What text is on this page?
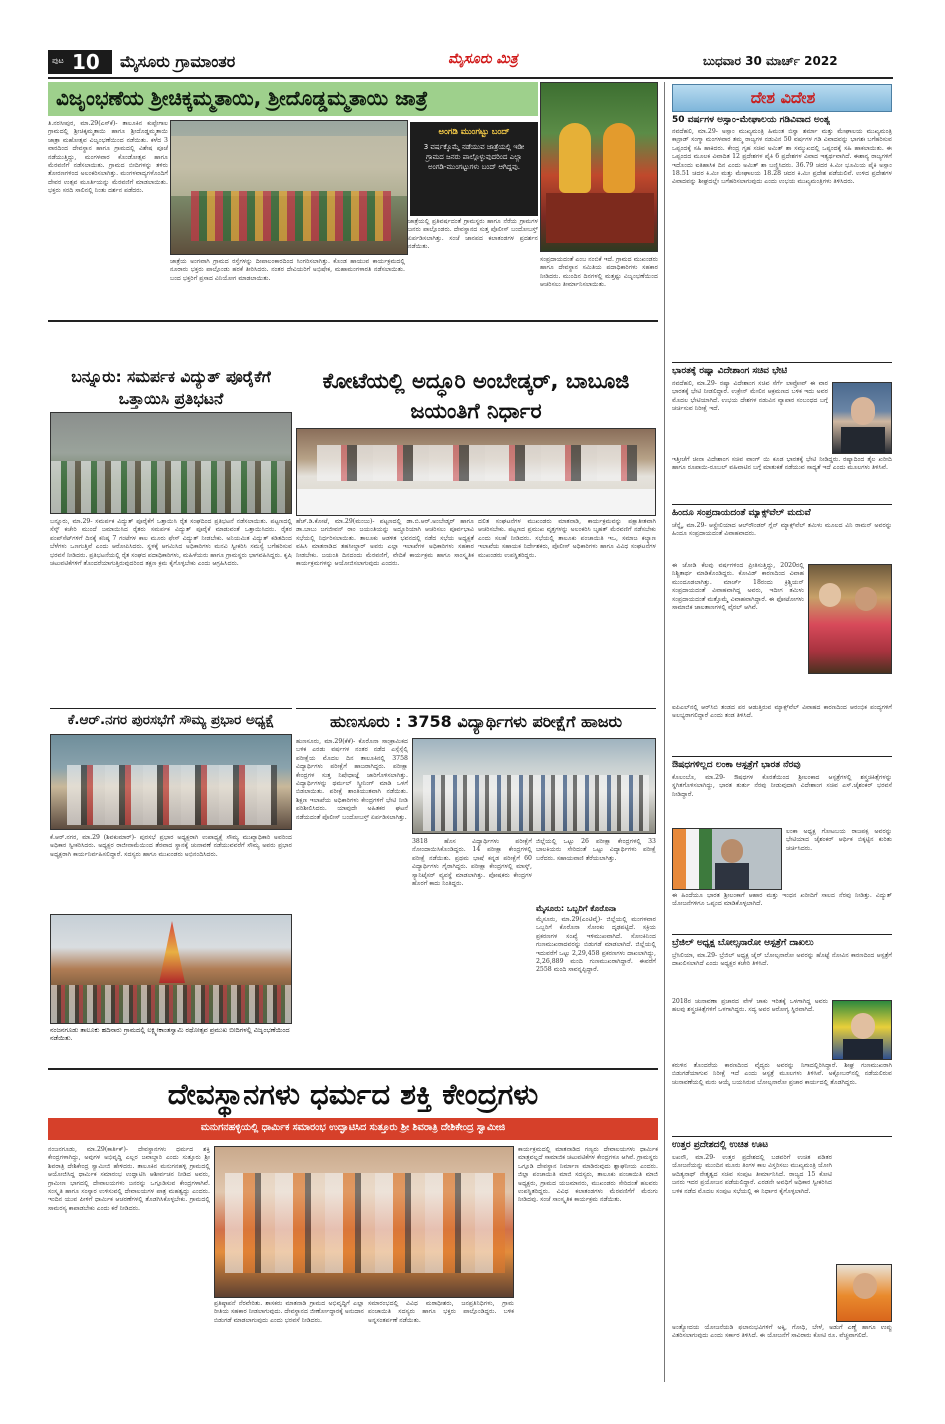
ಪುಟ 10 ಮೈಸೂರು ಗ್ರಾಮಾಂತರ	ಮೈಸೂರು ಮಿತ್ರ	ಬುಧವಾರ 30 ಮಾರ್ಚ್ 2022
ವಿಜೃಂಭಣೆಯ ಶ್ರೀಚಿಕ್ಕಮ್ಮತಾಯಿ, ಶ್ರೀದೊಡ್ಡಮ್ಮತಾಯಿ ಜಾತ್ರೆ
ತಿ.ನರಸೀಪುರ, ಮಾ.29(ಎಸ್‌ಕೆ)- ತಾಲೂಕಿನ ಕುಪ್ಪೇಗಾಲ ಗ್ರಾಮದಲ್ಲಿ ಶ್ರೀಚಿಕ್ಕಮ್ಮತಾಯಿ ಹಾಗೂ ಶ್ರೀದೊಡ್ಡಮ್ಮತಾಯಿ ಜಾತ್ರಾ ಮಹೋತ್ಸವ ವಿಜೃಂಭಣೆಯಿಂದ ನಡೆಯಿತು. ಕಳೆದ 3 ವಾರದಿಂದ ದೇವಸ್ಥಾನ ಹಾಗೂ ಗ್ರಾಮದಲ್ಲಿ ವಿಶೇಷ ಪೂಜೆ ನಡೆಯುತ್ತಿದ್ದು, ಮಂಗಳವಾರ ಕೊಂಡೋತ್ಸವ ಹಾಗೂ ಮೆರವಣಿಗೆ ನಡೆಸಲಾಯಿತು. ಗ್ರಾಮದ ಬೀದಿಗಳನ್ನು ತಳಿರು ತೋರಣಗಳಿಂದ ಅಲಂಕರಿಸಲಾಗಿತ್ತು. ಮಂಗಳವಾದ್ಯಗಳೊಂದಿಗೆ ದೇವರ ಉತ್ಸವ ಮೂರ್ತಿಯನ್ನು ಮೆರವಣಿಗೆ ಮಾಡಲಾಯಿತು. ಭಕ್ತರು ಸರದಿ ಸಾಲಿನಲ್ಲಿ ನಿಂತು ದರ್ಶನ ಪಡೆದರು.
ಅಂಗಡಿ ಮುಂಗಟ್ಟು ಬಂದ್
3 ವರ್ಷಕ್ಕೊಮ್ಮೆ ನಡೆಯುವ ಜಾತ್ರೆಯಲ್ಲಿ ಇಡೀ ಗ್ರಾಮದ ಜನರು ಪಾಲ್ಗೊಳ್ಳುವುದರಿಂದ ಎಲ್ಲಾ ಅಂಗಡಿ-ಮುಂಗಟ್ಟುಗಳು ಬಂದ್ ಆಗಿದ್ದವು.
ಜಾತ್ರೆಯ ಅಂಗವಾಗಿ ಗ್ರಾಮದ ರಸ್ತೆಗಳನ್ನು ದೀಪಾಲಂಕಾರದಿಂದ ಸಿಂಗರಿಸಲಾಗಿತ್ತು. ಕೊಂಡ ಹಾಯುವ ಕಾರ್ಯಕ್ರಮದಲ್ಲಿ ನೂರಾರು ಭಕ್ತರು ಪಾಲ್ಗೊಂಡು ಹರಕೆ ತೀರಿಸಿದರು. ನಂತರ ದೇವಿಯರಿಗೆ ಅಭಿಷೇಕ, ಮಹಾಮಂಗಳಾರತಿ ನಡೆಸಲಾಯಿತು. ಬಂದ ಭಕ್ತರಿಗೆ ಪ್ರಸಾದ ವಿನಿಯೋಗ ಮಾಡಲಾಯಿತು.
ಜಾತ್ರೆಯಲ್ಲಿ ಪ್ರತಿವರ್ಷದಂತೆ ಗ್ರಾಮಸ್ಥರು ಹಾಗೂ ನೆರೆಯ ಗ್ರಾಮಗಳ ಜನರು ಪಾಲ್ಗೊಂಡರು. ದೇವಸ್ಥಾನದ ಸುತ್ತ ಪೊಲೀಸ್ ಬಂದೋಬಸ್ತ್ ಏರ್ಪಡಿಸಲಾಗಿತ್ತು. ಸಂಜೆ ಜಾನಪದ ಕಲಾತಂಡಗಳ ಪ್ರದರ್ಶನ ನಡೆಯಿತು.
ಸಂಪ್ರದಾಯದಂತೆ ಎಂಬ ನಂಬಿಕೆ ಇದೆ. ಗ್ರಾಮದ ಮುಖಂಡರು ಹಾಗೂ ದೇವಸ್ಥಾನ ಸಮಿತಿಯ ಪದಾಧಿಕಾರಿಗಳು ಸಹಕಾರ ನೀಡಿದರು. ಮುಂದಿನ ದಿನಗಳಲ್ಲಿ ಮತ್ತಷ್ಟು ವಿಜೃಂಭಣೆಯಿಂದ ಆಚರಿಸಲು ತೀರ್ಮಾನಿಸಲಾಯಿತು.
ಬನ್ನೂರು: ಸಮರ್ಪಕ ವಿದ್ಯುತ್ ಪೂರೈಕೆಗೆ ಒತ್ತಾಯಿಸಿ ಪ್ರತಿಭಟನೆ
ಬನ್ನೂರು, ಮಾ.29- ಸಮರ್ಪಕ ವಿದ್ಯುತ್ ಪೂರೈಕೆಗೆ ಒತ್ತಾಯಿಸಿ ರೈತ ಸಂಘದಿಂದ ಪ್ರತಿಭಟನೆ ನಡೆಸಲಾಯಿತು. ಪಟ್ಟಣದಲ್ಲಿ ಸೆಸ್ಕ್ ಕಚೇರಿ ಮುಂದೆ ಜಮಾಯಿಸಿದ ರೈತರು ಸಮರ್ಪಕ ವಿದ್ಯುತ್ ಪೂರೈಕೆ ಮಾಡುವಂತೆ ಒತ್ತಾಯಿಸಿದರು. ರೈತರ ಪಂಪ್‌ಸೆಟ್‌ಗಳಿಗೆ ದಿನಕ್ಕೆ ಕನಿಷ್ಠ 7 ಗಂಟೆಗಳ ಕಾಲ ಮೂರು ಫೇಸ್ ವಿದ್ಯುತ್ ನೀಡಬೇಕು. ಅನಿಯಮಿತ ವಿದ್ಯುತ್ ಕಡಿತದಿಂದ ಬೆಳೆಗಳು ಒಣಗುತ್ತಿವೆ ಎಂದು ಆರೋಪಿಸಿದರು. ಸ್ಥಳಕ್ಕೆ ಆಗಮಿಸಿದ ಅಧಿಕಾರಿಗಳು ಮನವಿ ಸ್ವೀಕರಿಸಿ ಸಮಸ್ಯೆ ಬಗೆಹರಿಸುವ ಭರವಸೆ ನೀಡಿದರು. ಪ್ರತಿಭಟನೆಯಲ್ಲಿ ರೈತ ಸಂಘದ ಪದಾಧಿಕಾರಿಗಳು, ಮಹಿಳೆಯರು ಹಾಗೂ ಗ್ರಾಮಸ್ಥರು ಭಾಗವಹಿಸಿದ್ದರು. ಕೃಷಿ ಚಟುವಟಿಕೆಗಳಿಗೆ ತೊಂದರೆಯಾಗುತ್ತಿರುವುದರಿಂದ ತಕ್ಷಣ ಕ್ರಮ ಕೈಗೊಳ್ಳಬೇಕು ಎಂದು ಆಗ್ರಹಿಸಿದರು.
ಕೋಟೆಯಲ್ಲಿ ಅದ್ಧೂರಿ ಅಂಬೇಡ್ಕರ್, ಬಾಬೂಜಿ ಜಯಂತಿಗೆ ನಿರ್ಧಾರ
ಹೆಚ್.ಡಿ.ಕೋಟೆ, ಮಾ.29(ಮಂಜು)- ಪಟ್ಟಣದಲ್ಲಿ ಡಾ.ಬಿ.ಆರ್.ಅಂಬೇಡ್ಕರ್ ಹಾಗೂ ಡಾ.ಬಾಬು ಜಗಜೀವನ್ ರಾಂ ಜಯಂತಿಯನ್ನು ಅದ್ಧೂರಿಯಾಗಿ ಆಚರಿಸಲು ಪೂರ್ವಭಾವಿ ಸಭೆಯಲ್ಲಿ ನಿರ್ಧರಿಸಲಾಯಿತು. ತಾಲೂಕು ಆಡಳಿತ ಭವನದಲ್ಲಿ ನಡೆದ ಸಭೆಯ ಅಧ್ಯಕ್ಷತೆ ವಹಿಸಿ ಮಾತನಾಡಿದ ತಹಸೀಲ್ದಾರ್ ಅವರು ಎಲ್ಲಾ ಇಲಾಖೆಗಳ ಅಧಿಕಾರಿಗಳು ಸಹಕಾರ ನೀಡಬೇಕು. ಜಯಂತಿ ದಿನದಂದು ಮೆರವಣಿಗೆ, ವೇದಿಕೆ ಕಾರ್ಯಕ್ರಮ ಹಾಗೂ ಸಾಂಸ್ಕೃತಿಕ ಕಾರ್ಯಕ್ರಮಗಳನ್ನು ಆಯೋಜಿಸಲಾಗುವುದು ಎಂದರು.
ದಲಿತ ಸಂಘಟನೆಗಳ ಮುಖಂಡರು ಮಾತನಾಡಿ, ಕಾರ್ಯಕ್ರಮವನ್ನು ಪಕ್ಷಾತೀತವಾಗಿ ಆಚರಿಸಬೇಕು. ಪಟ್ಟಣದ ಪ್ರಮುಖ ವೃತ್ತಗಳನ್ನು ಅಲಂಕರಿಸಿ ಬೃಹತ್ ಮೆರವಣಿಗೆ ನಡೆಸಬೇಕು ಎಂದು ಸಲಹೆ ನೀಡಿದರು. ಸಭೆಯಲ್ಲಿ ತಾಲೂಕು ಪಂಚಾಯಿತಿ ಇಒ, ಸಮಾಜ ಕಲ್ಯಾಣ ಇಲಾಖೆಯ ಸಹಾಯಕ ನಿರ್ದೇಶಕರು, ಪೊಲೀಸ್ ಅಧಿಕಾರಿಗಳು ಹಾಗೂ ವಿವಿಧ ಸಂಘಟನೆಗಳ ಮುಖಂಡರು ಉಪಸ್ಥಿತರಿದ್ದರು.
ಕೆ.ಆರ್.ನಗರ ಪುರಸಭೆಗೆ ಸೌಮ್ಯ ಪ್ರಭಾರ ಅಧ್ಯಕ್ಷೆ
ಕೆ.ಆರ್.ನಗರ, ಮಾ.29 (ಶಿವಕುಮಾರ್)- ಪುರಸಭೆ ಪ್ರಭಾರ ಅಧ್ಯಕ್ಷರಾಗಿ ಉಪಾಧ್ಯಕ್ಷೆ ಸೌಮ್ಯ ಮುಖ್ಯಾಧಿಕಾರಿ ಅವರಿಂದ ಅಧಿಕಾರ ಸ್ವೀಕರಿಸಿದರು. ಅಧ್ಯಕ್ಷರ ರಾಜೀನಾಮೆಯಿಂದ ತೆರವಾದ ಸ್ಥಾನಕ್ಕೆ ಚುನಾವಣೆ ನಡೆಯುವವರೆಗೆ ಸೌಮ್ಯ ಅವರು ಪ್ರಭಾರ ಅಧ್ಯಕ್ಷರಾಗಿ ಕಾರ್ಯನಿರ್ವಹಿಸಲಿದ್ದಾರೆ. ಸದಸ್ಯರು ಹಾಗೂ ಮುಖಂಡರು ಅಭಿನಂದಿಸಿದರು.
ನಂಜನಗೂಡು ತಾಲೂಕು ಹದಿನಾರು ಗ್ರಾಮದಲ್ಲಿ ಲಕ್ಷ್ಮೀಕಾಂತಸ್ವಾಮಿ ರಥೋತ್ಸವ ಪ್ರಮುಖ ಬೀದಿಗಳಲ್ಲಿ ವಿಜೃಂಭಣೆಯಿಂದ ನಡೆಯಿತು.
ಹುಣಸೂರು : 3758 ವಿದ್ಯಾರ್ಥಿಗಳು ಪರೀಕ್ಷೆಗೆ ಹಾಜರು
ಹುಣಸೂರು, ಮಾ.29(ಕೆಕೆ)- ಕೊರೊನಾ ಸಾಂಕ್ರಾಮಿಕದ ಬಳಿಕ ಎರಡು ವರ್ಷಗಳ ನಂತರ ನಡೆದ ಎಸ್ಸೆಸ್ಸೆಲ್ಸಿ ಪರೀಕ್ಷೆಯ ಮೊದಲ ದಿನ ತಾಲೂಕಿನಲ್ಲಿ 3758 ವಿದ್ಯಾರ್ಥಿಗಳು ಪರೀಕ್ಷೆಗೆ ಹಾಜರಾಗಿದ್ದರು. ಪರೀಕ್ಷಾ ಕೇಂದ್ರಗಳ ಸುತ್ತ ನಿಷೇಧಾಜ್ಞೆ ಜಾರಿಗೊಳಿಸಲಾಗಿತ್ತು. ವಿದ್ಯಾರ್ಥಿಗಳನ್ನು ಥರ್ಮಲ್ ಸ್ಕ್ರೀನಿಂಗ್ ಮಾಡಿ ಒಳಗೆ ಬಿಡಲಾಯಿತು. ಪರೀಕ್ಷೆ ಶಾಂತಿಯುತವಾಗಿ ನಡೆಯಿತು. ಶಿಕ್ಷಣ ಇಲಾಖೆಯ ಅಧಿಕಾರಿಗಳು ಕೇಂದ್ರಗಳಿಗೆ ಭೇಟಿ ನೀಡಿ ಪರಿಶೀಲಿಸಿದರು. ಯಾವುದೇ ಅಹಿತಕರ ಘಟನೆ ನಡೆಯದಂತೆ ಪೊಲೀಸ್ ಬಂದೋಬಸ್ತ್ ಏರ್ಪಡಿಸಲಾಗಿತ್ತು.
3818 ಹೊಸ ವಿದ್ಯಾರ್ಥಿಗಳು ಪರೀಕ್ಷೆಗೆ ನೋಂದಾಯಿಸಿಕೊಂಡಿದ್ದರು. 14 ಪರೀಕ್ಷಾ ಕೇಂದ್ರಗಳಲ್ಲಿ ಪರೀಕ್ಷೆ ನಡೆಯಿತು. ಪ್ರಥಮ ಭಾಷೆ ಕನ್ನಡ ಪರೀಕ್ಷೆಗೆ 60 ವಿದ್ಯಾರ್ಥಿಗಳು ಗೈರಾಗಿದ್ದರು. ಪರೀಕ್ಷಾ ಕೇಂದ್ರಗಳಲ್ಲಿ ಮಾಸ್ಕ್, ಸ್ಯಾನಿಟೈಸರ್ ವ್ಯವಸ್ಥೆ ಮಾಡಲಾಗಿತ್ತು. ಪೋಷಕರು ಕೇಂದ್ರಗಳ ಹೊರಗೆ ಕಾದು ನಿಂತಿದ್ದರು.
ಜಿಲ್ಲೆಯಲ್ಲಿ ಒಟ್ಟು 26 ಪರೀಕ್ಷಾ ಕೇಂದ್ರಗಳಲ್ಲಿ 33 ಬಾಲಕಿಯರು ಸೇರಿದಂತೆ ಒಟ್ಟು ವಿದ್ಯಾರ್ಥಿಗಳು ಪರೀಕ್ಷೆ ಬರೆದರು. ಸಹಾಯವಾಣಿ ತೆರೆಯಲಾಗಿತ್ತು.
ಮೈಸೂರು: ಒಬ್ಬರಿಗೆ ಕೊರೊನಾ
ಮೈಸೂರು, ಮಾ.29(ಎಂಟಿವೈ)- ಜಿಲ್ಲೆಯಲ್ಲಿ ಮಂಗಳವಾರ ಒಬ್ಬರಿಗೆ ಕೊರೊನಾ ಸೋಂಕು ದೃಢಪಟ್ಟಿದೆ. ಸಕ್ರಿಯ ಪ್ರಕರಣಗಳ ಸಂಖ್ಯೆ ಇಳಿಮುಖವಾಗಿದೆ. ಸೋಂಕಿನಿಂದ ಗುಣಮುಖರಾದವರನ್ನು ಬಿಡುಗಡೆ ಮಾಡಲಾಗಿದೆ. ಜಿಲ್ಲೆಯಲ್ಲಿ ಇದುವರೆಗೆ ಒಟ್ಟು 2,29,458 ಪ್ರಕರಣಗಳು ದಾಖಲಾಗಿದ್ದು, 2,26,889 ಮಂದಿ ಗುಣಮುಖರಾಗಿದ್ದಾರೆ. ಈವರೆಗೆ 2558 ಮಂದಿ ಸಾವನ್ನಪ್ಪಿದ್ದಾರೆ.
ದೇವಸ್ಥಾನಗಳು ಧರ್ಮದ ಶಕ್ತಿ ಕೇಂದ್ರಗಳು
ಮನುಗನಹಳ್ಳಿಯಲ್ಲಿ ಧಾರ್ಮಿಕ ಸಮಾರಂಭ ಉದ್ಘಾಟಿಸಿದ ಸುತ್ತೂರು ಶ್ರೀ ಶಿವರಾತ್ರಿ ದೇಶಿಕೇಂದ್ರ ಸ್ವಾಮೀಜಿ
ನಂಜನಗೂಡು, ಮಾ.29(ಕಾರ್ತಿಕ್)- ದೇವಸ್ಥಾನಗಳು ಧರ್ಮದ ಶಕ್ತಿ ಕೇಂದ್ರಗಳಾಗಿದ್ದು, ಅವುಗಳ ಅಭಿವೃದ್ಧಿ ಎಲ್ಲರ ಜವಾಬ್ದಾರಿ ಎಂದು ಸುತ್ತೂರು ಶ್ರೀ ಶಿವರಾತ್ರಿ ದೇಶಿಕೇಂದ್ರ ಸ್ವಾಮೀಜಿ ಹೇಳಿದರು. ತಾಲೂಕಿನ ಮನುಗನಹಳ್ಳಿ ಗ್ರಾಮದಲ್ಲಿ ಆಯೋಜಿಸಿದ್ದ ಧಾರ್ಮಿಕ ಸಮಾರಂಭ ಉದ್ಘಾಟಿಸಿ ಆಶೀರ್ವಚನ ನೀಡಿದ ಅವರು, ಗ್ರಾಮೀಣ ಭಾಗದಲ್ಲಿ ದೇವಾಲಯಗಳು ಜನರನ್ನು ಒಗ್ಗೂಡಿಸುವ ಕೇಂದ್ರಗಳಾಗಿವೆ. ಸಂಸ್ಕೃತಿ ಹಾಗೂ ಸಂಸ್ಕಾರ ಉಳಿಸುವಲ್ಲಿ ದೇವಾಲಯಗಳ ಪಾತ್ರ ಮಹತ್ವದ್ದು ಎಂದರು. ಇಂದಿನ ಯುವ ಪೀಳಿಗೆ ಧಾರ್ಮಿಕ ಆಚರಣೆಗಳಲ್ಲಿ ತೊಡಗಿಸಿಕೊಳ್ಳಬೇಕು. ಗ್ರಾಮದಲ್ಲಿ ಸಾಮರಸ್ಯ ಕಾಪಾಡಬೇಕು ಎಂದು ಕರೆ ನೀಡಿದರು.
ಪ್ರತಿಷ್ಠಾಪನೆ ನೆರವೇರಿತು. ಶಾಸಕರು ಮಾತನಾಡಿ ಗ್ರಾಮದ ಅಭಿವೃದ್ಧಿಗೆ ಎಲ್ಲಾ ರೀತಿಯ ಸಹಕಾರ ನೀಡಲಾಗುವುದು. ದೇವಸ್ಥಾನದ ಜೀರ್ಣೋದ್ಧಾರಕ್ಕೆ ಅನುದಾನ ಬಿಡುಗಡೆ ಮಾಡಲಾಗುವುದು ಎಂದು ಭರವಸೆ ನೀಡಿದರು.
ಸಮಾರಂಭದಲ್ಲಿ ವಿವಿಧ ಮಠಾಧೀಶರು, ಜನಪ್ರತಿನಿಧಿಗಳು, ಗ್ರಾಮ ಪಂಚಾಯಿತಿ ಸದಸ್ಯರು ಹಾಗೂ ಭಕ್ತರು ಪಾಲ್ಗೊಂಡಿದ್ದರು. ಬಳಿಕ ಅನ್ನಸಂತರ್ಪಣೆ ನಡೆಯಿತು.
ಕಾರ್ಯಕ್ರಮದಲ್ಲಿ ಮಾತನಾಡಿದ ಗಣ್ಯರು ದೇವಾಲಯಗಳು ಧಾರ್ಮಿಕ ಮಾತ್ರವಲ್ಲದೆ ಸಾಮಾಜಿಕ ಚಟುವಟಿಕೆಗಳ ಕೇಂದ್ರಗಳೂ ಆಗಿವೆ. ಗ್ರಾಮಸ್ಥರು ಒಗ್ಗೂಡಿ ದೇವಸ್ಥಾನ ನಿರ್ಮಾಣ ಮಾಡಿರುವುದು ಶ್ಲಾಘನೀಯ ಎಂದರು. ಜಿಲ್ಲಾ ಪಂಚಾಯಿತಿ ಮಾಜಿ ಸದಸ್ಯರು, ತಾಲೂಕು ಪಂಚಾಯಿತಿ ಮಾಜಿ ಅಧ್ಯಕ್ಷರು, ಗ್ರಾಮದ ಯಜಮಾನರು, ಮುಖಂಡರು ಸೇರಿದಂತೆ ಹಲವರು ಉಪಸ್ಥಿತರಿದ್ದರು. ವಿವಿಧ ಕಲಾತಂಡಗಳು ಮೆರವಣಿಗೆಗೆ ಮೆರುಗು ನೀಡಿದವು. ಸಂಜೆ ಸಾಂಸ್ಕೃತಿಕ ಕಾರ್ಯಕ್ರಮ ನಡೆಯಿತು.
ದೇಶ ವಿದೇಶ
50 ವರ್ಷಗಳ ಅಸ್ಸಾಂ-ಮೇಘಾಲಯ ಗಡಿವಿವಾದ ಅಂತ್ಯ
ನವದೆಹಲಿ, ಮಾ.29- ಅಸ್ಸಾಂ ಮುಖ್ಯಮಂತ್ರಿ ಹಿಮಂತ ಬಿಸ್ವಾ ಶರ್ಮಾ ಮತ್ತು ಮೇಘಾಲಯ ಮುಖ್ಯಮಂತ್ರಿ ಕಾನ್ರಾಡ್ ಸಂಗ್ಮಾ ಮಂಗಳವಾರ ತಮ್ಮ ರಾಜ್ಯಗಳ ನಡುವಿನ 50 ವರ್ಷಗಳ ಗಡಿ ವಿವಾದವನ್ನು ಭಾಗಶಃ ಬಗೆಹರಿಸುವ ಒಪ್ಪಂದಕ್ಕೆ ಸಹಿ ಹಾಕಿದರು. ಕೇಂದ್ರ ಗೃಹ ಸಚಿವ ಅಮಿತ್ ಶಾ ಸಮ್ಮುಖದಲ್ಲಿ ಒಪ್ಪಂದಕ್ಕೆ ಸಹಿ ಹಾಕಲಾಯಿತು. ಈ ಒಪ್ಪಂದದ ಮೂಲಕ ವಿವಾದಿತ 12 ಪ್ರದೇಶಗಳ ಪೈಕಿ 6 ಪ್ರದೇಶಗಳ ವಿವಾದ ಇತ್ಯರ್ಥವಾಗಿದೆ. ಈಶಾನ್ಯ ರಾಜ್ಯಗಳಿಗೆ ಇದೊಂದು ಐತಿಹಾಸಿಕ ದಿನ ಎಂದು ಅಮಿತ್ ಶಾ ಬಣ್ಣಿಸಿದರು. 36.79 ಚದರ ಕಿ.ಮೀ ಭೂಮಿಯ ಪೈಕಿ ಅಸ್ಸಾಂ 18.51 ಚದರ ಕಿ.ಮೀ ಮತ್ತು ಮೇಘಾಲಯ 18.28 ಚದರ ಕಿ.ಮೀ ಪ್ರದೇಶ ಪಡೆಯಲಿವೆ. ಉಳಿದ ಪ್ರದೇಶಗಳ ವಿವಾದವನ್ನು ಶೀಘ್ರದಲ್ಲೇ ಬಗೆಹರಿಸಲಾಗುವುದು ಎಂದು ಉಭಯ ಮುಖ್ಯಮಂತ್ರಿಗಳು ತಿಳಿಸಿದರು.
ಭಾರತಕ್ಕೆ ರಷ್ಯಾ ವಿದೇಶಾಂಗ ಸಚಿವ ಭೇಟಿ
ನವದೆಹಲಿ, ಮಾ.29- ರಷ್ಯಾ ವಿದೇಶಾಂಗ ಸಚಿವ ಸೆರ್ಗೆ ಲಾವ್ರೋವ್ ಈ ವಾರ ಭಾರತಕ್ಕೆ ಭೇಟಿ ನೀಡಲಿದ್ದಾರೆ. ಉಕ್ರೇನ್ ಮೇಲಿನ ಆಕ್ರಮಣದ ಬಳಿಕ ಇದು ಅವರ ಮೊದಲ ಭೇಟಿಯಾಗಿದೆ. ಉಭಯ ದೇಶಗಳ ನಡುವಿನ ವ್ಯಾಪಾರ ಸಂಬಂಧದ ಬಗ್ಗೆ ಚರ್ಚಿಸುವ ನಿರೀಕ್ಷೆ ಇದೆ.
ಇತ್ತೀಚೆಗೆ ಚೀನಾ ವಿದೇಶಾಂಗ ಸಚಿವ ವಾಂಗ್ ಯಿ ಕೂಡ ಭಾರತಕ್ಕೆ ಭೇಟಿ ನೀಡಿದ್ದರು. ರಷ್ಯಾದಿಂದ ತೈಲ ಖರೀದಿ ಹಾಗೂ ರೂಪಾಯಿ-ರೂಬಲ್ ವಹಿವಾಟಿನ ಬಗ್ಗೆ ಮಾತುಕತೆ ನಡೆಯುವ ಸಾಧ್ಯತೆ ಇದೆ ಎಂದು ಮೂಲಗಳು ತಿಳಿಸಿವೆ.
ಹಿಂದೂ ಸಂಪ್ರದಾಯದಂತೆ ಮ್ಯಾಕ್ಸ್‌ವೆಲ್ ಮದುವೆ
ಚೆನ್ನೈ, ಮಾ.29- ಆಸ್ಟ್ರೇಲಿಯಾದ ಆಲ್‌ರೌಂಡರ್ ಗ್ಲೆನ್ ಮ್ಯಾಕ್ಸ್‌ವೆಲ್ ತಮಿಳು ಮೂಲದ ವಿನಿ ರಾಮನ್ ಅವರನ್ನು ಹಿಂದೂ ಸಂಪ್ರದಾಯದಂತೆ ವಿವಾಹವಾದರು.
ಈ ಜೋಡಿ ಕೆಲವು ವರ್ಷಗಳಿಂದ ಪ್ರೀತಿಸುತ್ತಿದ್ದು, 2020ರಲ್ಲಿ ನಿಶ್ಚಿತಾರ್ಥ ಮಾಡಿಕೊಂಡಿದ್ದರು. ಕೋವಿಡ್ ಕಾರಣದಿಂದ ವಿವಾಹ ಮುಂದೂಡಲಾಗಿತ್ತು. ಮಾರ್ಚ್ 18ರಂದು ಕ್ರಿಶ್ಚಿಯನ್ ಸಂಪ್ರದಾಯದಂತೆ ವಿವಾಹವಾಗಿದ್ದ ಅವರು, ಇದೀಗ ತಮಿಳು ಸಂಪ್ರದಾಯದಂತೆ ಮತ್ತೊಮ್ಮೆ ವಿವಾಹವಾಗಿದ್ದಾರೆ. ಈ ಫೋಟೋಗಳು ಸಾಮಾಜಿಕ ಜಾಲತಾಣಗಳಲ್ಲಿ ವೈರಲ್ ಆಗಿವೆ.
ಐಪಿಎಲ್‌ನಲ್ಲಿ ಆರ್‌ಸಿಬಿ ತಂಡದ ಪರ ಆಡುತ್ತಿರುವ ಮ್ಯಾಕ್ಸ್‌ವೆಲ್ ವಿವಾಹದ ಕಾರಣದಿಂದ ಆರಂಭಿಕ ಪಂದ್ಯಗಳಿಗೆ ಅಲಭ್ಯರಾಗಲಿದ್ದಾರೆ ಎಂದು ತಂಡ ತಿಳಿಸಿದೆ.
ಔಷಧಗಳಿಲ್ಲದ ಲಂಕಾ ಆಸ್ಪತ್ರೆಗೆ ಭಾರತ ನೆರವು
ಕೊಲಂಬೊ, ಮಾ.29- ಔಷಧಗಳ ಕೊರತೆಯಿಂದ ಶ್ರೀಲಂಕಾದ ಆಸ್ಪತ್ರೆಗಳಲ್ಲಿ ಶಸ್ತ್ರಚಿಕಿತ್ಸೆಗಳನ್ನು ಸ್ಥಗಿತಗೊಳಿಸಲಾಗಿದ್ದು, ಭಾರತ ತುರ್ತು ನೆರವು ನೀಡುವುದಾಗಿ ವಿದೇಶಾಂಗ ಸಚಿವ ಎಸ್.ಜೈಶಂಕರ್ ಭರವಸೆ ನೀಡಿದ್ದಾರೆ.
ಲಂಕಾ ಅಧ್ಯಕ್ಷ ಗೋಟಬಯ ರಾಜಪಕ್ಸ ಅವರನ್ನು ಭೇಟಿಯಾದ ಜೈಶಂಕರ್ ಆರ್ಥಿಕ ಬಿಕ್ಕಟ್ಟಿನ ಕುರಿತು ಚರ್ಚಿಸಿದರು.
ಈ ಹಿಂದೆಯೂ ಭಾರತ ಶ್ರೀಲಂಕಾಗೆ ಆಹಾರ ಮತ್ತು ಇಂಧನ ಖರೀದಿಗೆ ಸಾಲದ ನೆರವು ನೀಡಿತ್ತು. ವಿದ್ಯುತ್ ಯೋಜನೆಗಳಿಗೂ ಒಪ್ಪಂದ ಮಾಡಿಕೊಳ್ಳಲಾಗಿದೆ.
ಬ್ರೆಜಿಲ್ ಅಧ್ಯಕ್ಷ ಬೋಲ್ಸನಾರೋ ಆಸ್ಪತ್ರೆಗೆ ದಾಖಲು
ಬ್ರೆಸಿಲಿಯಾ, ಮಾ.29- ಬ್ರೆಜಿಲ್ ಅಧ್ಯಕ್ಷ ಜೈರ್ ಬೋಲ್ಸನಾರೋ ಅವರನ್ನು ಹೊಟ್ಟೆ ನೋವಿನ ಕಾರಣದಿಂದ ಆಸ್ಪತ್ರೆಗೆ ದಾಖಲಿಸಲಾಗಿದೆ ಎಂದು ಅಧ್ಯಕ್ಷರ ಕಚೇರಿ ತಿಳಿಸಿದೆ.
2018ರ ಚುನಾವಣಾ ಪ್ರಚಾರದ ವೇಳೆ ಚಾಕು ಇರಿತಕ್ಕೆ ಒಳಗಾಗಿದ್ದ ಅವರು ಹಲವು ಶಸ್ತ್ರಚಿಕಿತ್ಸೆಗಳಿಗೆ ಒಳಗಾಗಿದ್ದರು. ಸದ್ಯ ಅವರ ಆರೋಗ್ಯ ಸ್ಥಿರವಾಗಿದೆ.
ಕರುಳಿನ ತೊಂದರೆಯ ಕಾರಣದಿಂದ ವೈದ್ಯರು ಅವರನ್ನು ನಿಗಾದಲ್ಲಿರಿಸಿದ್ದಾರೆ. ಶೀಘ್ರ ಗುಣಮುಖರಾಗಿ ಬಿಡುಗಡೆಯಾಗುವ ನಿರೀಕ್ಷೆ ಇದೆ ಎಂದು ಆಸ್ಪತ್ರೆ ಮೂಲಗಳು ತಿಳಿಸಿವೆ. ಅಕ್ಟೋಬರ್‌ನಲ್ಲಿ ನಡೆಯಲಿರುವ ಚುನಾವಣೆಯಲ್ಲಿ ಮರು ಆಯ್ಕೆ ಬಯಸಿರುವ ಬೋಲ್ಸನಾರೋ ಪ್ರಚಾರ ಕಾರ್ಯದಲ್ಲಿ ತೊಡಗಿದ್ದರು.
ಉತ್ತರ ಪ್ರದೇಶದಲ್ಲಿ ಉಚಿತ ಊಟ
ಲಖನೌ, ಮಾ.29- ಉತ್ತರ ಪ್ರದೇಶದಲ್ಲಿ ಬಡವರಿಗೆ ಉಚಿತ ಪಡಿತರ ಯೋಜನೆಯನ್ನು ಮುಂದಿನ ಮೂರು ತಿಂಗಳ ಕಾಲ ವಿಸ್ತರಿಸಲು ಮುಖ್ಯಮಂತ್ರಿ ಯೋಗಿ ಆದಿತ್ಯನಾಥ್ ನೇತೃತ್ವದ ಸಚಿವ ಸಂಪುಟ ತೀರ್ಮಾನಿಸಿದೆ. ರಾಜ್ಯದ 15 ಕೋಟಿ ಜನರು ಇದರ ಪ್ರಯೋಜನ ಪಡೆಯಲಿದ್ದಾರೆ. ಎರಡನೇ ಅವಧಿಗೆ ಅಧಿಕಾರ ಸ್ವೀಕರಿಸಿದ ಬಳಿಕ ನಡೆದ ಮೊದಲ ಸಂಪುಟ ಸಭೆಯಲ್ಲಿ ಈ ನಿರ್ಧಾರ ಕೈಗೊಳ್ಳಲಾಗಿದೆ.
ಅಂತ್ಯೋದಯ ಯೋಜನೆಯಡಿ ಫಲಾನುಭವಿಗಳಿಗೆ ಅಕ್ಕಿ, ಗೋಧಿ, ಬೇಳೆ, ಅಡುಗೆ ಎಣ್ಣೆ ಹಾಗೂ ಉಪ್ಪು ವಿತರಿಸಲಾಗುವುದು ಎಂದು ಸರ್ಕಾರ ತಿಳಿಸಿದೆ. ಈ ಯೋಜನೆಗೆ ಸಾವಿರಾರು ಕೋಟಿ ರೂ. ವೆಚ್ಚವಾಗಲಿದೆ.
